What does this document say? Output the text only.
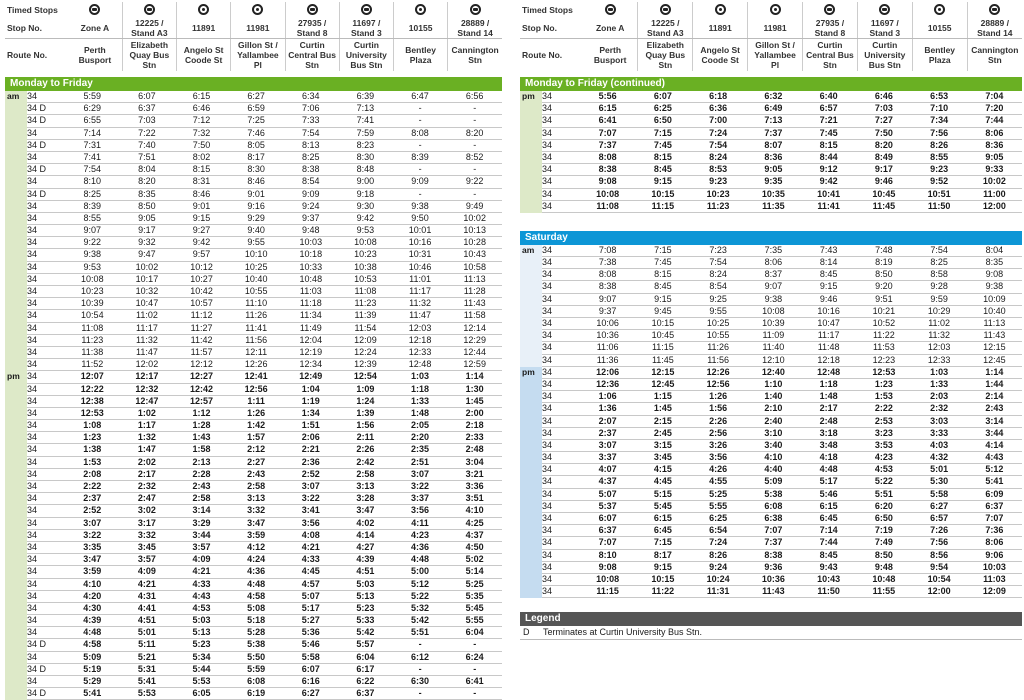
Timed Stops								
Stop No.	Zone A	12225 / Stand A3	11891	11981	27935 / Stand 8	11697 / Stand 3	10155	28889 / Stand 14
Route No.	Perth Busport	Elizabeth Quay Bus Stn	Angelo St Coode St	Gillon St / Yallambee Pl	Curtin Central Bus Stn	Curtin University Bus Stn	Bentley Plaza	Cannington Stn
Monday to Friday
am 34	5:59	6:07	6:15	6:27	6:34	6:39	6:47	6:56
34 D	6:29	6:37	6:46	6:59	7:06	7:13	-	-
34 D	6:55	7:03	7:12	7:25	7:33	7:41	-	-
34	7:14	7:22	7:32	7:46	7:54	7:59	8:08	8:20
34 D	7:31	7:40	7:50	8:05	8:13	8:23	-	-
34	7:41	7:51	8:02	8:17	8:25	8:30	8:39	8:52
34 D	7:54	8:04	8:15	8:30	8:38	8:48	-	-
34	8:10	8:20	8:31	8:46	8:54	9:00	9:09	9:22
34 D	8:25	8:35	8:46	9:01	9:09	9:18	-	-
34	8:39	8:50	9:01	9:16	9:24	9:30	9:38	9:49
34	8:55	9:05	9:15	9:29	9:37	9:42	9:50	10:02
34	9:07	9:17	9:27	9:40	9:48	9:53	10:01	10:13
34	9:22	9:32	9:42	9:55	10:03	10:08	10:16	10:28
34	9:38	9:47	9:57	10:10	10:18	10:23	10:31	10:43
34	9:53	10:02	10:12	10:25	10:33	10:38	10:46	10:58
34	10:08	10:17	10:27	10:40	10:48	10:53	11:01	11:13
34	10:23	10:32	10:42	10:55	11:03	11:08	11:17	11:28
34	10:39	10:47	10:57	11:10	11:18	11:23	11:32	11:43
34	10:54	11:02	11:12	11:26	11:34	11:39	11:47	11:58
34	11:08	11:17	11:27	11:41	11:49	11:54	12:03	12:14
34	11:23	11:32	11:42	11:56	12:04	12:09	12:18	12:29
34	11:38	11:47	11:57	12:11	12:19	12:24	12:33	12:44
34	11:52	12:02	12:12	12:26	12:34	12:39	12:48	12:59
pm 34	12:07	12:17	12:27	12:41	12:49	12:54	1:03	1:14
34	12:22	12:32	12:42	12:56	1:04	1:09	1:18	1:30
34	12:38	12:47	12:57	1:11	1:19	1:24	1:33	1:45
34	12:53	1:02	1:12	1:26	1:34	1:39	1:48	2:00
34	1:08	1:17	1:28	1:42	1:51	1:56	2:05	2:18
34	1:23	1:32	1:43	1:57	2:06	2:11	2:20	2:33
34	1:38	1:47	1:58	2:12	2:21	2:26	2:35	2:48
34	1:53	2:02	2:13	2:27	2:36	2:42	2:51	3:04
34	2:08	2:17	2:28	2:43	2:52	2:58	3:07	3:21
34	2:22	2:32	2:43	2:58	3:07	3:13	3:22	3:36
34	2:37	2:47	2:58	3:13	3:22	3:28	3:37	3:51
34	2:52	3:02	3:14	3:32	3:41	3:47	3:56	4:10
34	3:07	3:17	3:29	3:47	3:56	4:02	4:11	4:25
34	3:22	3:32	3:44	3:59	4:08	4:14	4:23	4:37
34	3:35	3:45	3:57	4:12	4:21	4:27	4:36	4:50
34	3:47	3:57	4:09	4:24	4:33	4:39	4:48	5:02
34	3:59	4:09	4:21	4:36	4:45	4:51	5:00	5:14
34	4:10	4:21	4:33	4:48	4:57	5:03	5:12	5:25
34	4:20	4:31	4:43	4:58	5:07	5:13	5:22	5:35
34	4:30	4:41	4:53	5:08	5:17	5:23	5:32	5:45
34	4:39	4:51	5:03	5:18	5:27	5:33	5:42	5:55
34	4:48	5:01	5:13	5:28	5:36	5:42	5:51	6:04
34 D	4:58	5:11	5:23	5:38	5:46	5:57	-	-
34	5:09	5:21	5:34	5:50	5:58	6:04	6:12	6:24
34 D	5:19	5:31	5:44	5:59	6:07	6:17	-	-
34	5:29	5:41	5:53	6:08	6:16	6:22	6:30	6:41
34 D	5:41	5:53	6:05	6:19	6:27	6:37	-	-
Timed Stops								
Stop No.	Zone A	12225 / Stand A3	11891	11981	27935 / Stand 8	11697 / Stand 3	10155	28889 / Stand 14
Route No.	Perth Busport	Elizabeth Quay Bus Stn	Angelo St Coode St	Gillon St / Yallambee Pl	Curtin Central Bus Stn	Curtin University Bus Stn	Bentley Plaza	Cannington Stn
Monday to Friday (continued)
pm 34	5:56	6:07	6:18	6:32	6:40	6:46	6:53	7:04
34	6:15	6:25	6:36	6:49	6:57	7:03	7:10	7:20
34	6:41	6:50	7:00	7:13	7:21	7:27	7:34	7:44
34	7:07	7:15	7:24	7:37	7:45	7:50	7:56	8:06
34	7:37	7:45	7:54	8:07	8:15	8:20	8:26	8:36
34	8:08	8:15	8:24	8:36	8:44	8:49	8:55	9:05
34	8:38	8:45	8:53	9:05	9:12	9:17	9:23	9:33
34	9:08	9:15	9:23	9:35	9:42	9:46	9:52	10:02
34	10:08	10:15	10:23	10:35	10:41	10:45	10:51	11:00
34	11:08	11:15	11:23	11:35	11:41	11:45	11:50	12:00
Saturday
am 34	7:08	7:15	7:23	7:35	7:43	7:48	7:54	8:04
34	7:38	7:45	7:54	8:06	8:14	8:19	8:25	8:35
34	8:08	8:15	8:24	8:37	8:45	8:50	8:58	9:08
34	8:38	8:45	8:54	9:07	9:15	9:20	9:28	9:38
34	9:07	9:15	9:25	9:38	9:46	9:51	9:59	10:09
34	9:37	9:45	9:55	10:08	10:16	10:21	10:29	10:40
34	10:06	10:15	10:25	10:39	10:47	10:52	11:02	11:13
34	10:36	10:45	10:55	11:09	11:17	11:22	11:32	11:43
34	11:06	11:15	11:26	11:40	11:48	11:53	12:03	12:15
34	11:36	11:45	11:56	12:10	12:18	12:23	12:33	12:45
pm 34	12:06	12:15	12:26	12:40	12:48	12:53	1:03	1:14
34	12:36	12:45	12:56	1:10	1:18	1:23	1:33	1:44
34	1:06	1:15	1:26	1:40	1:48	1:53	2:03	2:14
34	1:36	1:45	1:56	2:10	2:17	2:22	2:32	2:43
34	2:07	2:15	2:26	2:40	2:48	2:53	3:03	3:14
34	2:37	2:45	2:56	3:10	3:18	3:23	3:33	3:44
34	3:07	3:15	3:26	3:40	3:48	3:53	4:03	4:14
34	3:37	3:45	3:56	4:10	4:18	4:23	4:32	4:43
34	4:07	4:15	4:26	4:40	4:48	4:53	5:01	5:12
34	4:37	4:45	4:55	5:09	5:17	5:22	5:30	5:41
34	5:07	5:15	5:25	5:38	5:46	5:51	5:58	6:09
34	5:37	5:45	5:55	6:08	6:15	6:20	6:27	6:37
34	6:07	6:15	6:25	6:38	6:45	6:50	6:57	7:07
34	6:37	6:45	6:54	7:07	7:14	7:19	7:26	7:36
34	7:07	7:15	7:24	7:37	7:44	7:49	7:56	8:06
34	8:10	8:17	8:26	8:38	8:45	8:50	8:56	9:06
34	9:08	9:15	9:24	9:36	9:43	9:48	9:54	10:03
34	10:08	10:15	10:24	10:36	10:43	10:48	10:54	11:03
34	11:15	11:22	11:31	11:43	11:50	11:55	12:00	12:09
Legend
D	Terminates at Curtin University Bus Stn.
